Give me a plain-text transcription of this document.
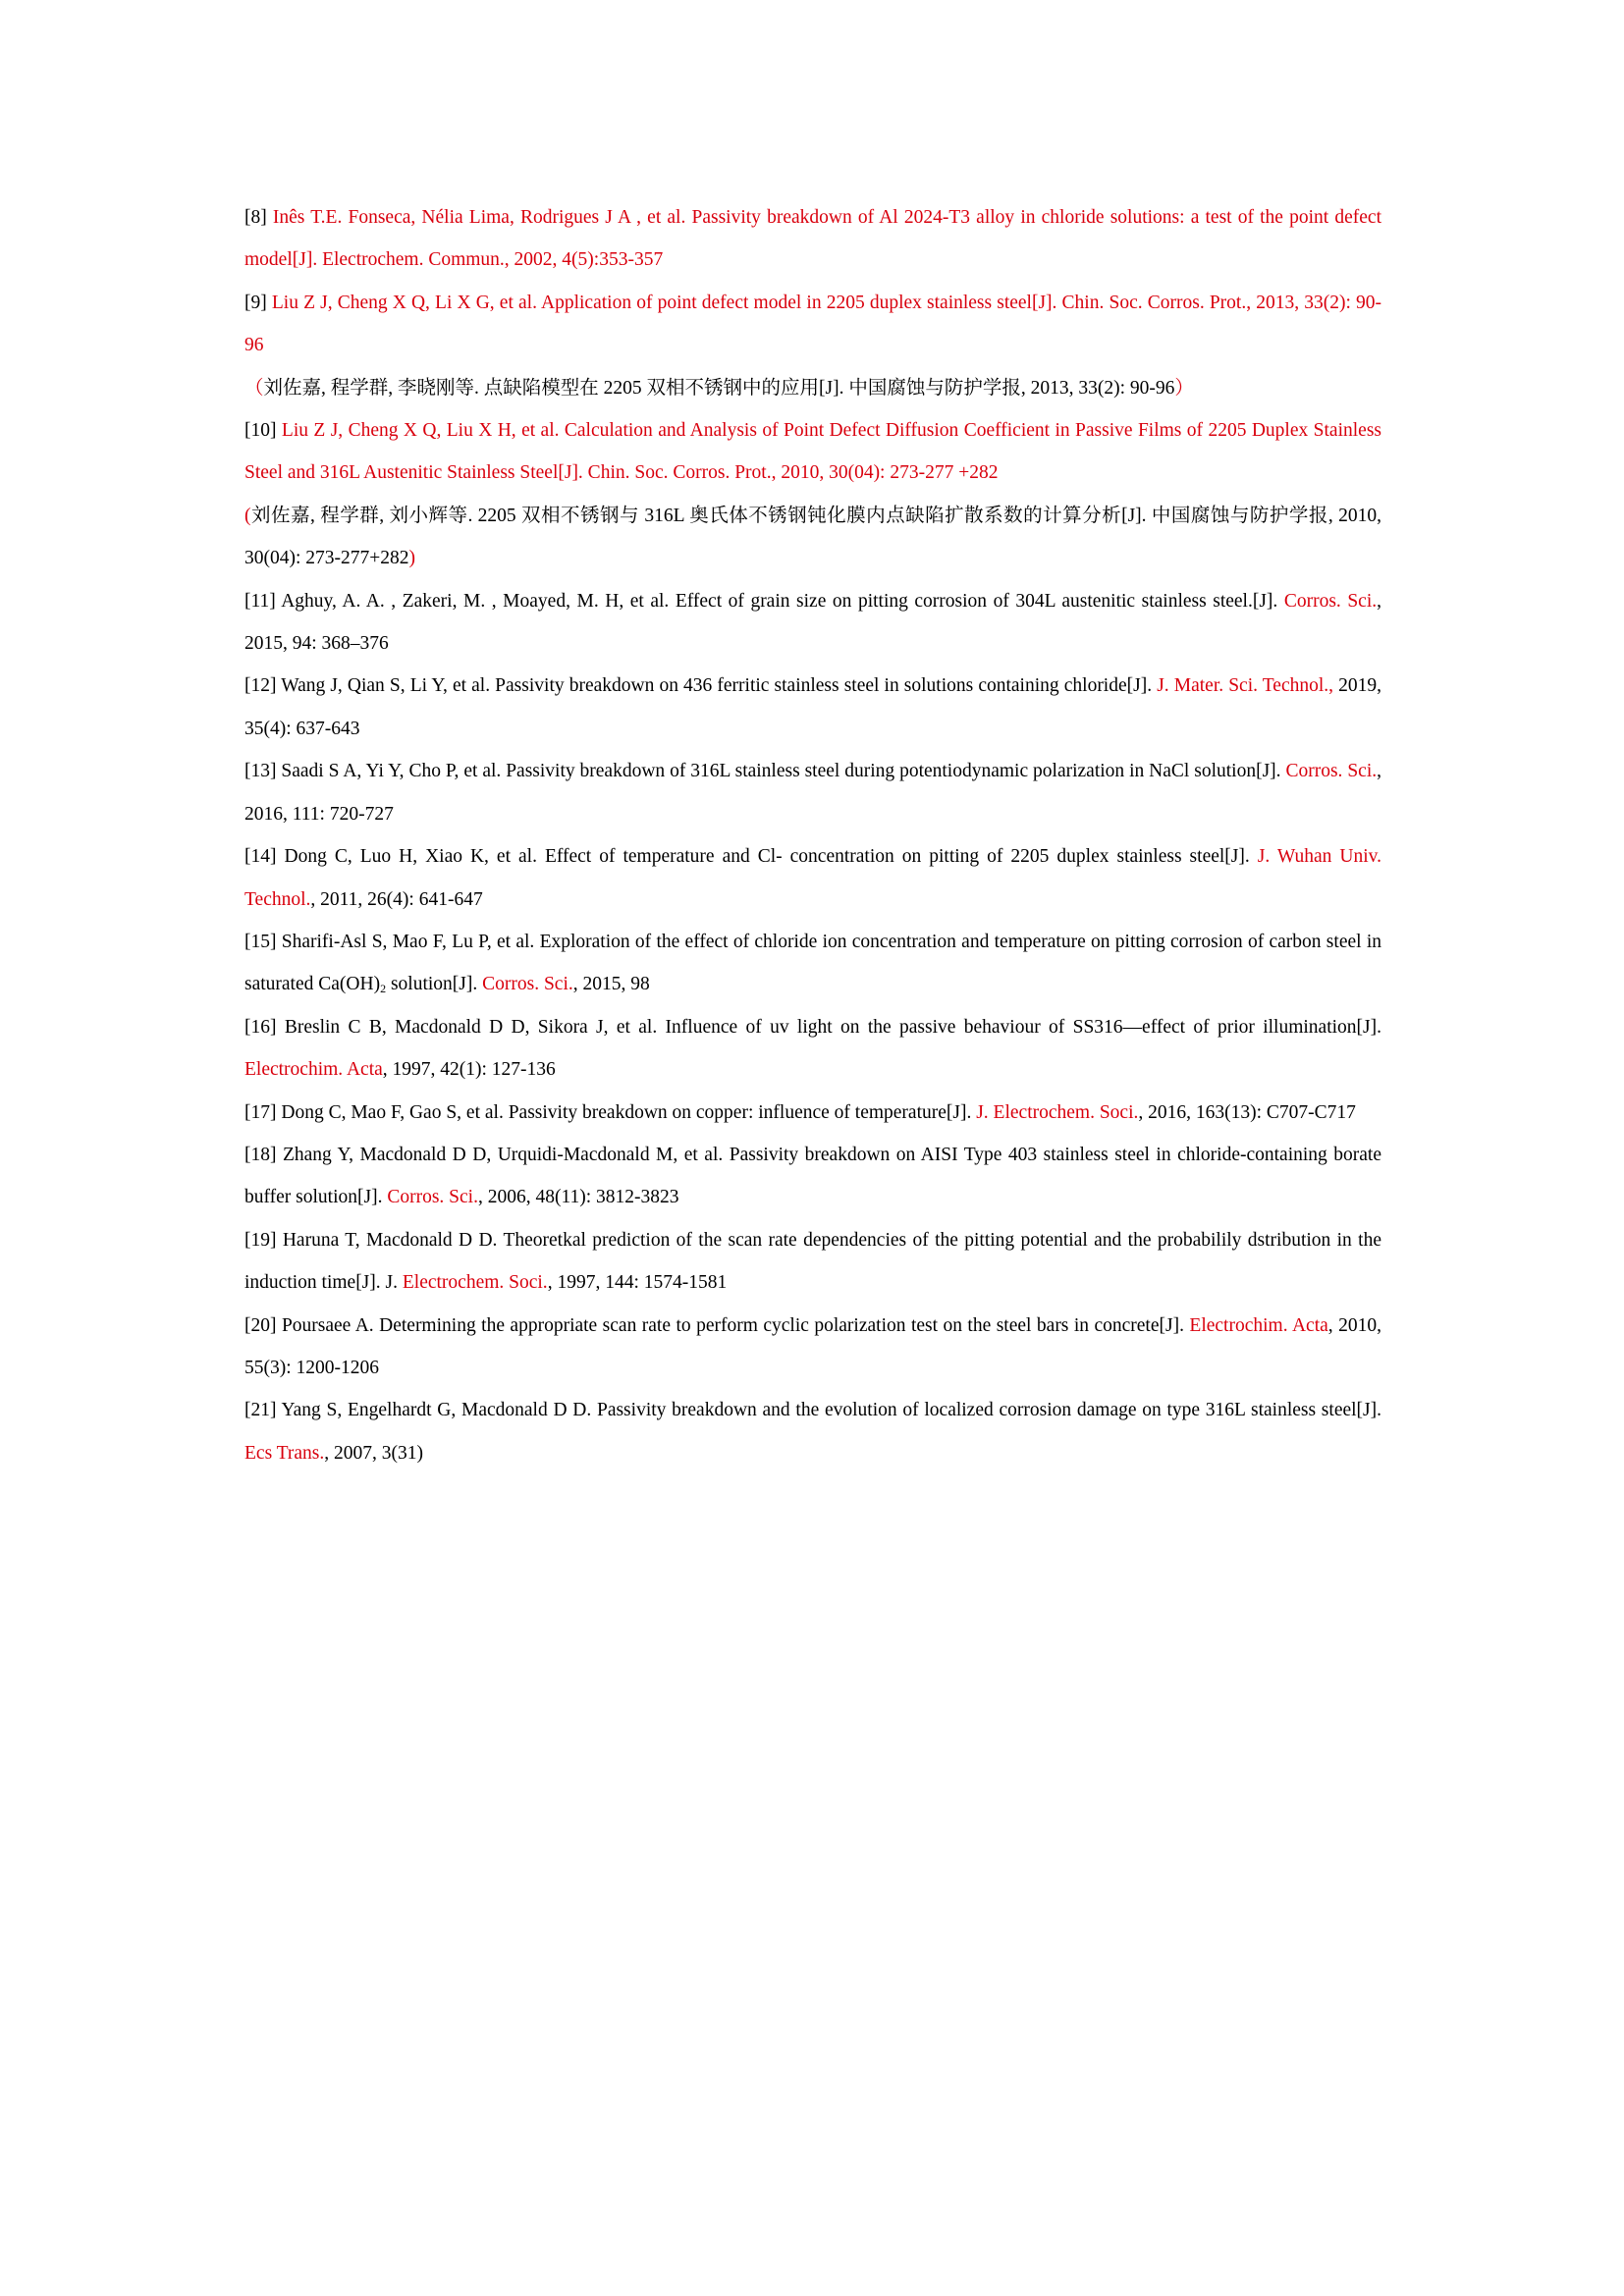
[8] Inês T.E. Fonseca, Nélia Lima, Rodrigues J A , et al. Passivity breakdown of Al 2024-T3 alloy in chloride solutions: a test of the point defect model[J]. Electrochem. Commun., 2002, 4(5):353-357

[9] Liu Z J, Cheng X Q, Li X G, et al. Application of point defect model in 2205 duplex stainless steel[J]. Chin. Soc. Corros. Prot., 2013, 33(2): 90-96

（刘佐嘉, 程学群, 李晓刚等. 点缺陷模型在 2205 双相不锈钢中的应用[J]. 中国腐蚀与防护学报, 2013, 33(2): 90-96）

[10] Liu Z J, Cheng X Q, Liu X H, et al. Calculation and Analysis of Point Defect Diffusion Coefficient in Passive Films of 2205 Duplex Stainless Steel and 316L Austenitic Stainless Steel[J]. Chin. Soc. Corros. Prot., 2010, 30(04): 273-277 +282

(刘佐嘉, 程学群, 刘小辉等. 2205 双相不锈钢与 316L 奥氏体不锈钢钝化膜内点缺陷扩散系数的计算分析[J]. 中国腐蚀与防护学报, 2010, 30(04): 273-277+282)

[11] Aghuy, A. A. , Zakeri, M. , Moayed, M. H, et al. Effect of grain size on pitting corrosion of 304L austenitic stainless steel.[J]. Corros. Sci., 2015, 94: 368–376

[12] Wang J, Qian S, Li Y, et al. Passivity breakdown on 436 ferritic stainless steel in solutions containing chloride[J]. J. Mater. Sci. Technol., 2019, 35(4): 637-643

[13] Saadi S A, Yi Y, Cho P, et al. Passivity breakdown of 316L stainless steel during potentiodynamic polarization in NaCl solution[J]. Corros. Sci., 2016, 111: 720-727

[14] Dong C, Luo H, Xiao K, et al. Effect of temperature and Cl- concentration on pitting of 2205 duplex stainless steel[J]. J. Wuhan Univ. Technol., 2011, 26(4): 641-647

[15] Sharifi-Asl S, Mao F, Lu P, et al. Exploration of the effect of chloride ion concentration and temperature on pitting corrosion of carbon steel in saturated $Ca(OH)_2$ solution[J]. Corros. Sci., 2015, 98

[16] Breslin C B, Macdonald D D, Sikora J, et al. Influence of uv light on the passive behaviour of SS316—effect of prior illumination[J]. Electrochim. Acta, 1997, 42(1): 127-136

[17] Dong C, Mao F, Gao S, et al. Passivity breakdown on copper: influence of temperature[J]. J. Electrochem. Soci., 2016, 163(13): C707-C717

[18] Zhang Y, Macdonald D D, Urquidi-Macdonald M, et al. Passivity breakdown on AISI Type 403 stainless steel in chloride-containing borate buffer solution[J]. Corros. Sci., 2006, 48(11): 3812-3823

[19] Haruna T, Macdonald D D. Theoretkal prediction of the scan rate dependencies of the pitting potential and the probabilily dstribution in the induction time[J]. J. Electrochem. Soci., 1997, 144: 1574-1581

[20] Poursaee A. Determining the appropriate scan rate to perform cyclic polarization test on the steel bars in concrete[J]. Electrochim. Acta, 2010, 55(3): 1200-1206

[21] Yang S, Engelhardt G, Macdonald D D. Passivity breakdown and the evolution of localized corrosion damage on type 316L stainless steel[J]. Ecs Trans., 2007, 3(31)
